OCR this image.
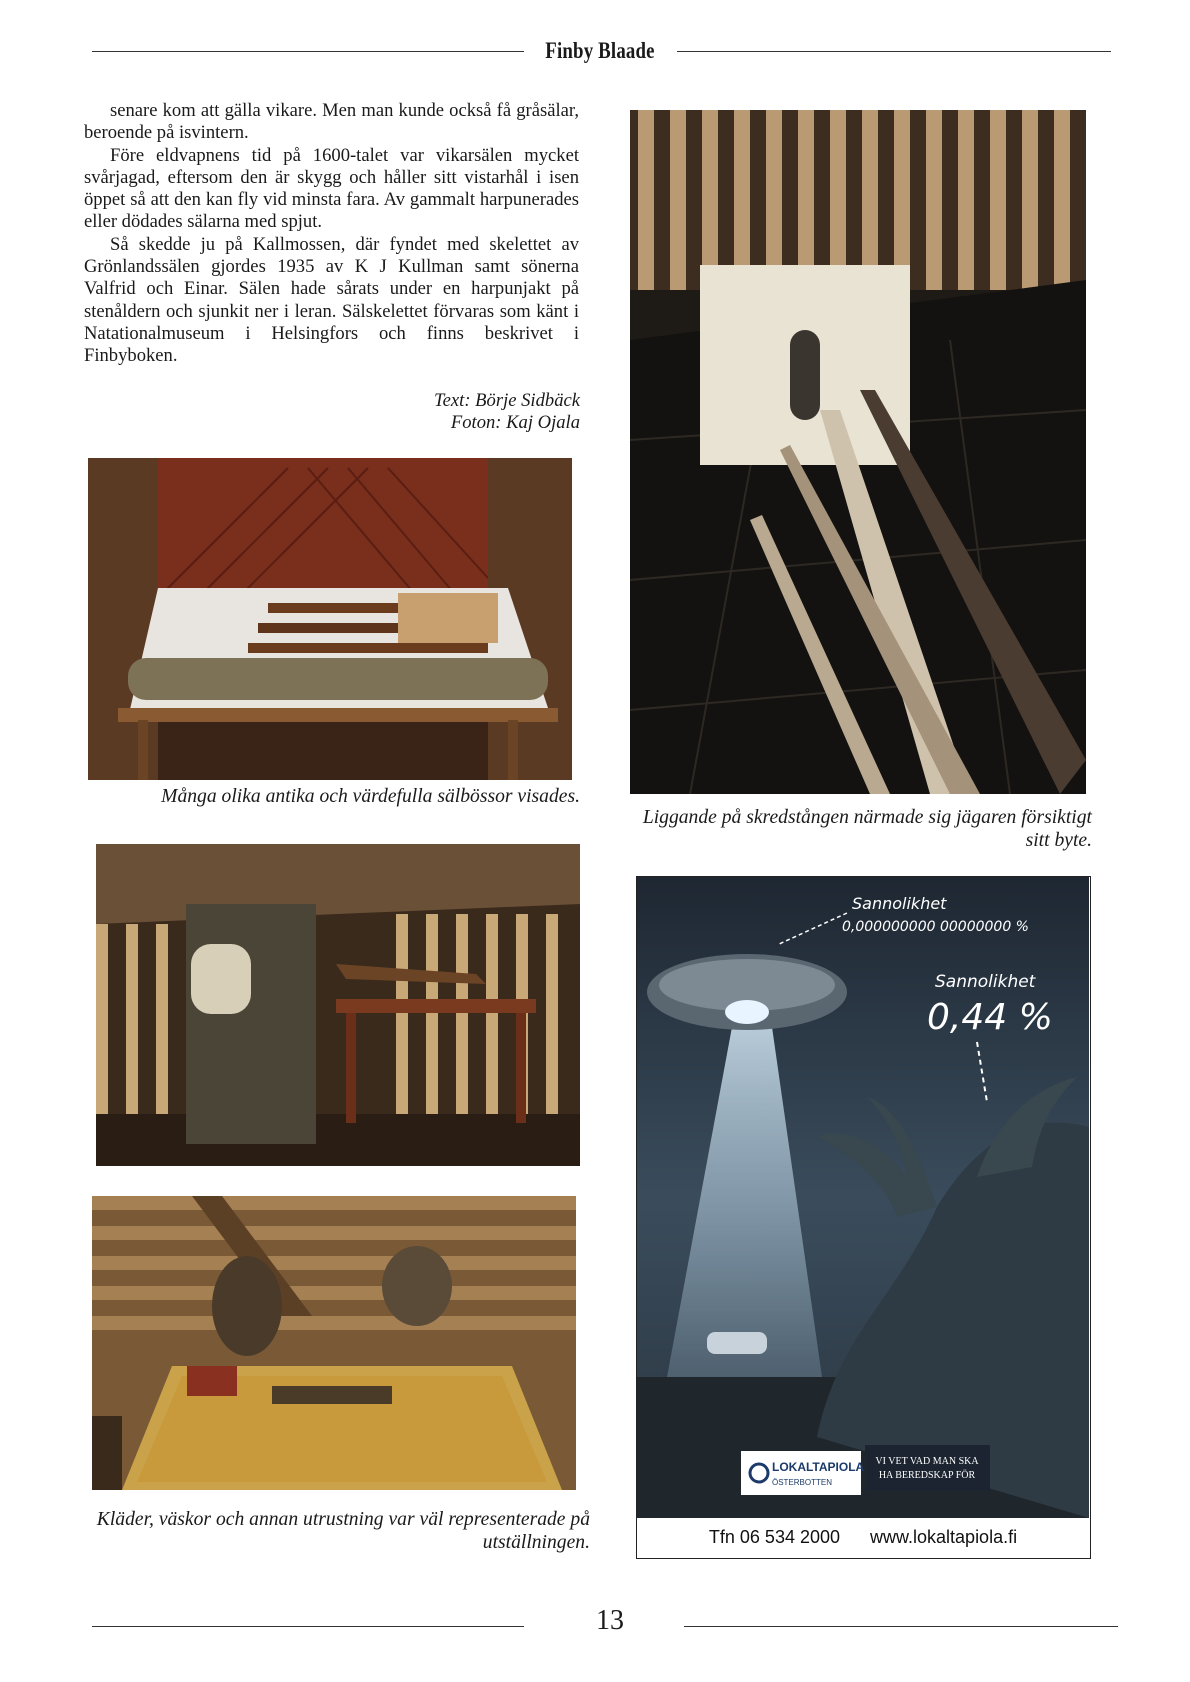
Finby Blaade

senare kom att gälla vikare. Men man kunde också få gråsälar, beroende på isvintern.

Före eldvapnens tid på 1600-talet var vikarsälen mycket svårjagad, eftersom den är skygg och håller sitt vistarhål i isen öppet så att den kan fly vid minsta fara. Av gammalt harpunerades eller dödades sälarna med spjut.

Så skedde ju på Kallmossen, där fyndet med skelettet av Grönlandssälen gjordes 1935 av K J Kullman samt sönerna Valfrid och Einar. Sälen hade sårats under en harpunjakt på stenåldern och sjunkit ner i leran. Sälskelettet förvaras som känt i Natationalmuseum i Helsingfors och finns beskrivet i Finbyboken.

Text: Börje Sidbäck
Foton: Kaj Ojala
Många olika antika och värdefulla sälbössor visades.
Liggande på skredstången närmade sig jägaren försiktigt sitt byte.
Kläder, väskor och annan utrustning var väl representerade på utställningen.
Sannolikhet
0,000000000 00000000 %
Sannolikhet
0,44 %
LOKALTAPIOLA
ÖSTERBOTTEN
VI VET VAD MAN SKA
HA BEREDSKAP FÖR
Tfn 06 534 2000 www.lokaltapiola.fi
13
